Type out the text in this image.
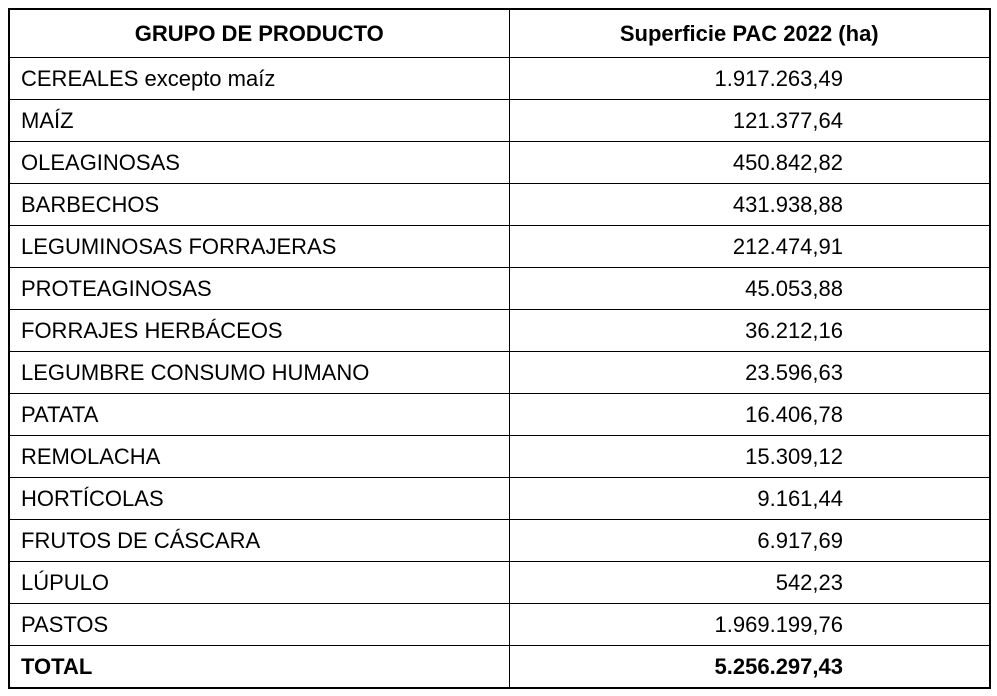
GRUPO DE PRODUCTO	Superficie PAC 2022 (ha)
CEREALES excepto maíz	1.917.263,49
MAÍZ	121.377,64
OLEAGINOSAS	450.842,82
BARBECHOS	431.938,88
LEGUMINOSAS FORRAJERAS	212.474,91
PROTEAGINOSAS	45.053,88
FORRAJES HERBÁCEOS	36.212,16
LEGUMBRE CONSUMO HUMANO	23.596,63
PATATA	16.406,78
REMOLACHA	15.309,12
HORTÍCOLAS	9.161,44
FRUTOS DE CÁSCARA	6.917,69
LÚPULO	542,23
PASTOS	1.969.199,76
TOTAL	5.256.297,43
